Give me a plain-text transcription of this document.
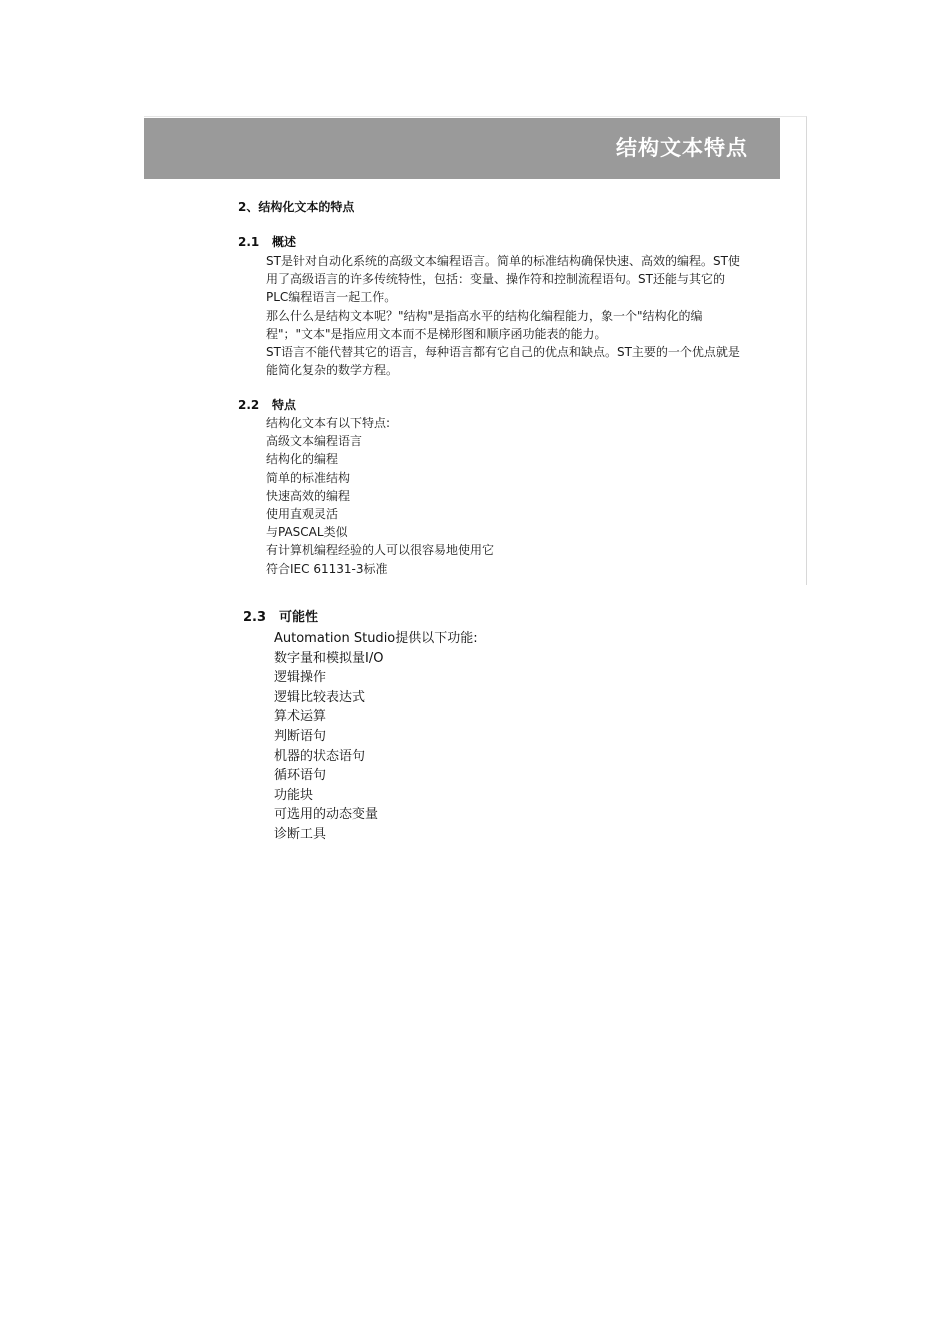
结构文本特点
2、结构化文本的特点
2.1 概述

ST是针对自动化系统的高级文本编程语言。简单的标准结构确保快速、高效的编程。ST使用了高级语言的许多传统特性，包括：变量、操作符和控制流程语句。ST还能与其它的PLC编程语言一起工作。

那么什么是结构文本呢？"结构"是指高水平的结构化编程能力，象一个"结构化的编程"；"文本"是指应用文本而不是梯形图和顺序函功能表的能力。

ST语言不能代替其它的语言，每种语言都有它自己的优点和缺点。ST主要的一个优点就是能简化复杂的数学方程。

2.2 特点
结构化文本有以下特点:
高级文本编程语言
结构化的编程
简单的标准结构
快速高效的编程
使用直观灵活
与PASCAL类似
有计算机编程经验的人可以很容易地使用它
符合IEC 61131-3标准
2.3 可能性
Automation Studio提供以下功能:
数字量和模拟量I/O
逻辑操作
逻辑比较表达式
算术运算
判断语句
机器的状态语句
循环语句
功能块
可选用的动态变量
诊断工具
